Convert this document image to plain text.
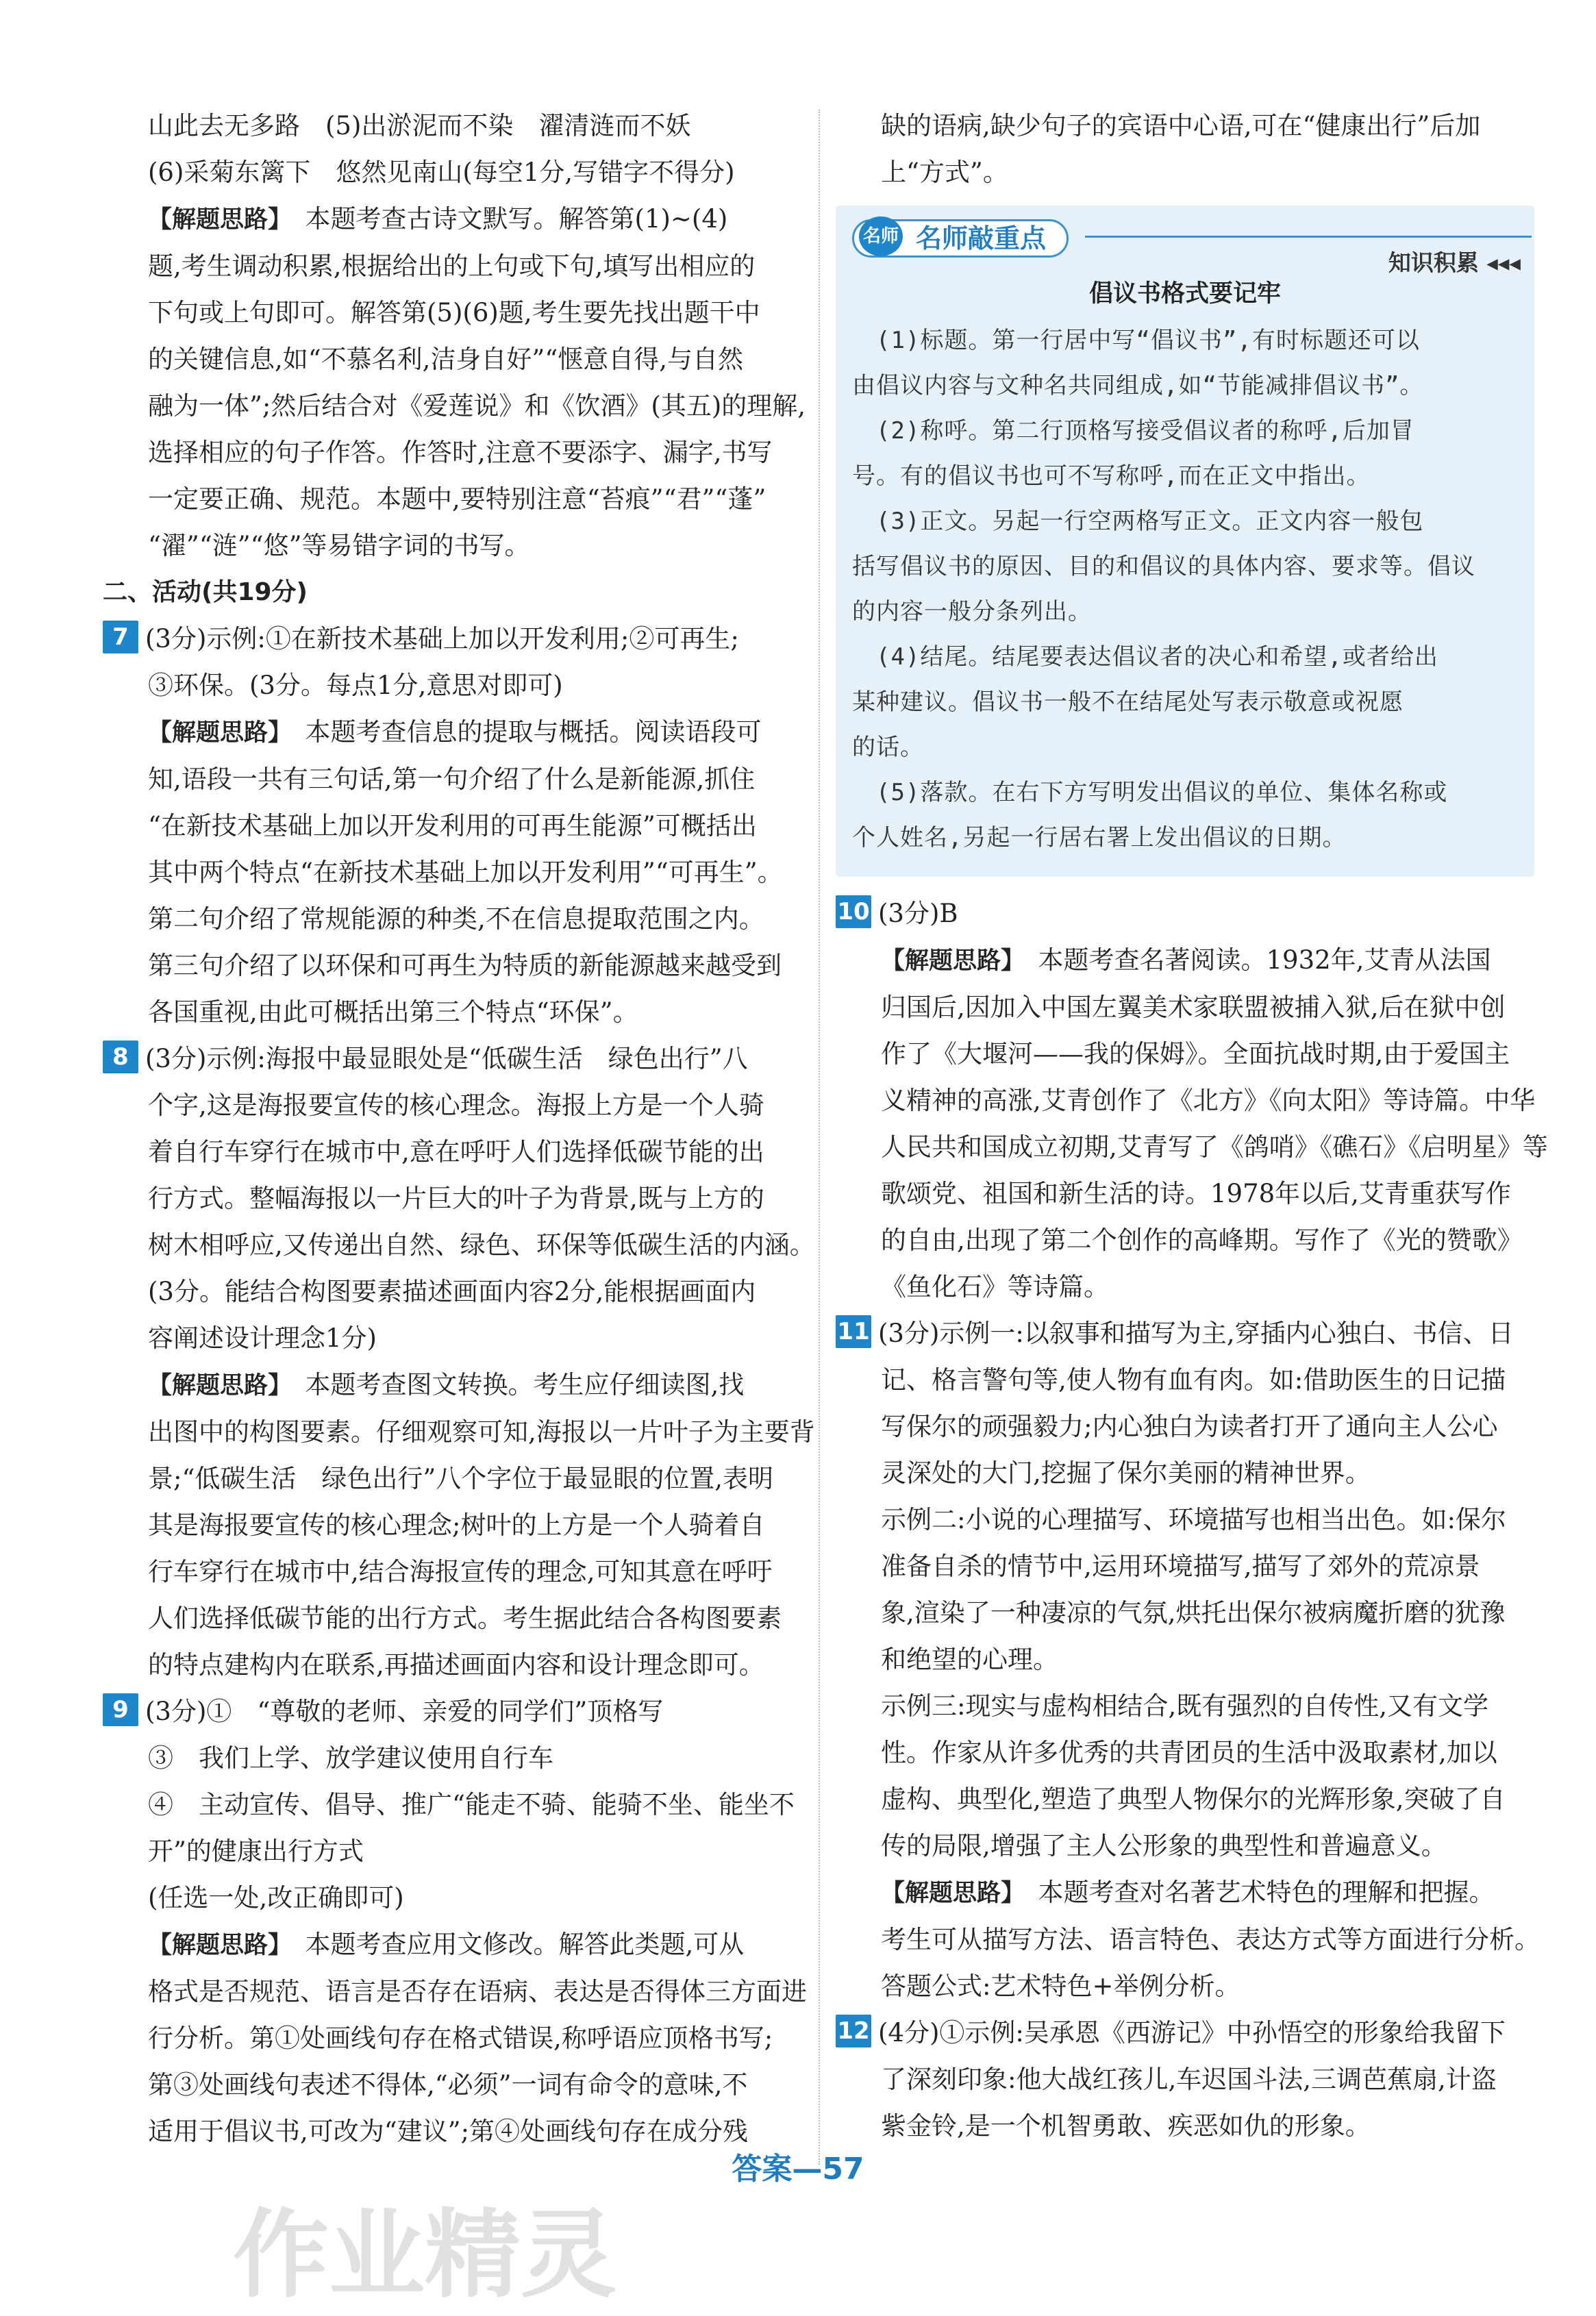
山此去无多路　(5)出淤泥而不染　濯清涟而不妖

(6)采菊东篱下　悠然见南山(每空1分,写错字不得分)

【解题思路】　本题考查古诗文默写。解答第(1)~(4)

题,考生调动积累,根据给出的上句或下句,填写出相应的

下句或上句即可。解答第(5)(6)题,考生要先找出题干中

的关键信息,如“不慕名利,洁身自好”“惬意自得,与自然

融为一体”;然后结合对《爱莲说》和《饮酒》(其五)的理解,

选择相应的句子作答。作答时,注意不要添字、漏字,书写

一定要正确、规范。本题中,要特别注意“苔痕”“君”“蓬”

“濯”“涟”“悠”等易错字词的书写。

二、活动(共19分)

7 (3分)示例:①在新技术基础上加以开发利用;②可再生;

③环保。(3分。每点1分,意思对即可)

【解题思路】　本题考查信息的提取与概括。阅读语段可

知,语段一共有三句话,第一句介绍了什么是新能源,抓住

“在新技术基础上加以开发利用的可再生能源”可概括出

其中两个特点“在新技术基础上加以开发利用”“可再生”。

第二句介绍了常规能源的种类,不在信息提取范围之内。

第三句介绍了以环保和可再生为特质的新能源越来越受到

各国重视,由此可概括出第三个特点“环保”。

8 (3分)示例:海报中最显眼处是“低碳生活　绿色出行”八

个字,这是海报要宣传的核心理念。海报上方是一个人骑

着自行车穿行在城市中,意在呼吁人们选择低碳节能的出

行方式。整幅海报以一片巨大的叶子为背景,既与上方的

树木相呼应,又传递出自然、绿色、环保等低碳生活的内涵。

(3分。能结合构图要素描述画面内容2分,能根据画面内

容阐述设计理念1分)

【解题思路】　本题考查图文转换。考生应仔细读图,找

出图中的构图要素。仔细观察可知,海报以一片叶子为主要背

景;“低碳生活　绿色出行”八个字位于最显眼的位置,表明

其是海报要宣传的核心理念;树叶的上方是一个人骑着自

行车穿行在城市中,结合海报宣传的理念,可知其意在呼吁

人们选择低碳节能的出行方式。考生据此结合各构图要素

的特点建构内在联系,再描述画面内容和设计理念即可。

9 (3分)①　“尊敬的老师、亲爱的同学们”顶格写

③　我们上学、放学建议使用自行车

④　主动宣传、倡导、推广“能走不骑、能骑不坐、能坐不

开”的健康出行方式

(任选一处,改正确即可)

【解题思路】　本题考查应用文修改。解答此类题,可从

格式是否规范、语言是否存在语病、表达是否得体三方面进

行分析。第①处画线句存在格式错误,称呼语应顶格书写;

第③处画线句表述不得体,“必须”一词有命令的意味,不

适用于倡议书,可改为“建议”;第④处画线句存在成分残

缺的语病,缺少句子的宾语中心语,可在“健康出行”后加

上“方式”。

名师敲重点
名师
知识积累 ◂◂◂

倡议书格式要记牢

　(1)标题。第一行居中写“倡议书”,有时标题还可以

由倡议内容与文种名共同组成,如“节能减排倡议书”。

　(2)称呼。第二行顶格写接受倡议者的称呼,后加冒

号。有的倡议书也可不写称呼,而在正文中指出。

　(3)正文。另起一行空两格写正文。正文内容一般包

括写倡议书的原因、目的和倡议的具体内容、要求等。倡议

的内容一般分条列出。

　(4)结尾。结尾要表达倡议者的决心和希望,或者给出

某种建议。倡议书一般不在结尾处写表示敬意或祝愿

的话。

　(5)落款。在右下方写明发出倡议的单位、集体名称或

个人姓名,另起一行居右署上发出倡议的日期。

10 (3分)B

【解题思路】　本题考查名著阅读。1932年,艾青从法国

归国后,因加入中国左翼美术家联盟被捕入狱,后在狱中创

作了《大堰河——我的保姆》。全面抗战时期,由于爱国主

义精神的高涨,艾青创作了《北方》《向太阳》等诗篇。中华

人民共和国成立初期,艾青写了《鸽哨》《礁石》《启明星》等

歌颂党、祖国和新生活的诗。1978年以后,艾青重获写作

的自由,出现了第二个创作的高峰期。写作了《光的赞歌》

《鱼化石》等诗篇。

11 (3分)示例一:以叙事和描写为主,穿插内心独白、书信、日

记、格言警句等,使人物有血有肉。如:借助医生的日记描

写保尔的顽强毅力;内心独白为读者打开了通向主人公心

灵深处的大门,挖掘了保尔美丽的精神世界。

示例二:小说的心理描写、环境描写也相当出色。如:保尔

准备自杀的情节中,运用环境描写,描写了郊外的荒凉景

象,渲染了一种凄凉的气氛,烘托出保尔被病魔折磨的犹豫

和绝望的心理。

示例三:现实与虚构相结合,既有强烈的自传性,又有文学

性。作家从许多优秀的共青团员的生活中汲取素材,加以

虚构、典型化,塑造了典型人物保尔的光辉形象,突破了自

传的局限,增强了主人公形象的典型性和普遍意义。

【解题思路】　本题考查对名著艺术特色的理解和把握。

考生可从描写方法、语言特色、表达方式等方面进行分析。

答题公式:艺术特色+举例分析。

12 (4分)①示例:吴承恩《西游记》中孙悟空的形象给我留下

了深刻印象:他大战红孩儿,车迟国斗法,三调芭蕉扇,计盗

紫金铃,是一个机智勇敢、疾恶如仇的形象。

答案—57
作业精灵
